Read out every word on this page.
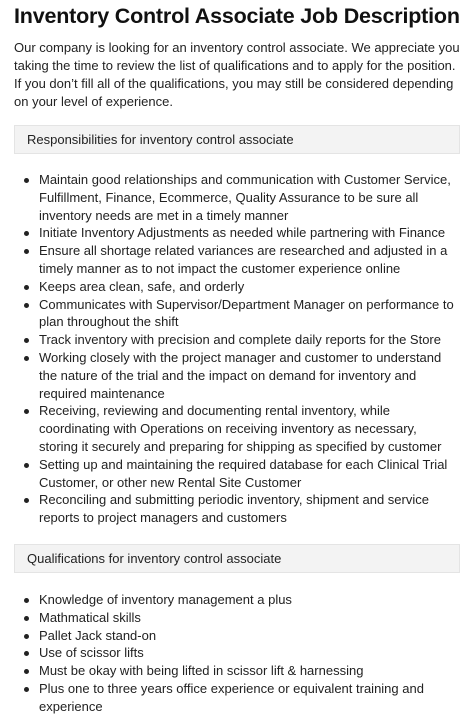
Inventory Control Associate Job Description

Our company is looking for an inventory control associate. We appreciate you taking the time to review the list of qualifications and to apply for the position. If you don’t fill all of the qualifications, you may still be considered depending on your level of experience.

Responsibilities for inventory control associate
Maintain good relationships and communication with Customer Service, Fulfillment, Finance, Ecommerce, Quality Assurance to be sure all inventory needs are met in a timely manner
Initiate Inventory Adjustments as needed while partnering with Finance
Ensure all shortage related variances are researched and adjusted in a timely manner as to not impact the customer experience online
Keeps area clean, safe, and orderly
Communicates with Supervisor/Department Manager on performance to plan throughout the shift
Track inventory with precision and complete daily reports for the Store
Working closely with the project manager and customer to understand the nature of the trial and the impact on demand for inventory and required maintenance
Receiving, reviewing and documenting rental inventory, while coordinating with Operations on receiving inventory as necessary, storing it securely and preparing for shipping as specified by customer
Setting up and maintaining the required database for each Clinical Trial Customer, or other new Rental Site Customer
Reconciling and submitting periodic inventory, shipment and service reports to project managers and customers
Qualifications for inventory control associate
Knowledge of inventory management a plus
Mathmatical skills
Pallet Jack stand-on
Use of scissor lifts
Must be okay with being lifted in scissor lift & harnessing
Plus one to three years office experience or equivalent training and experience
